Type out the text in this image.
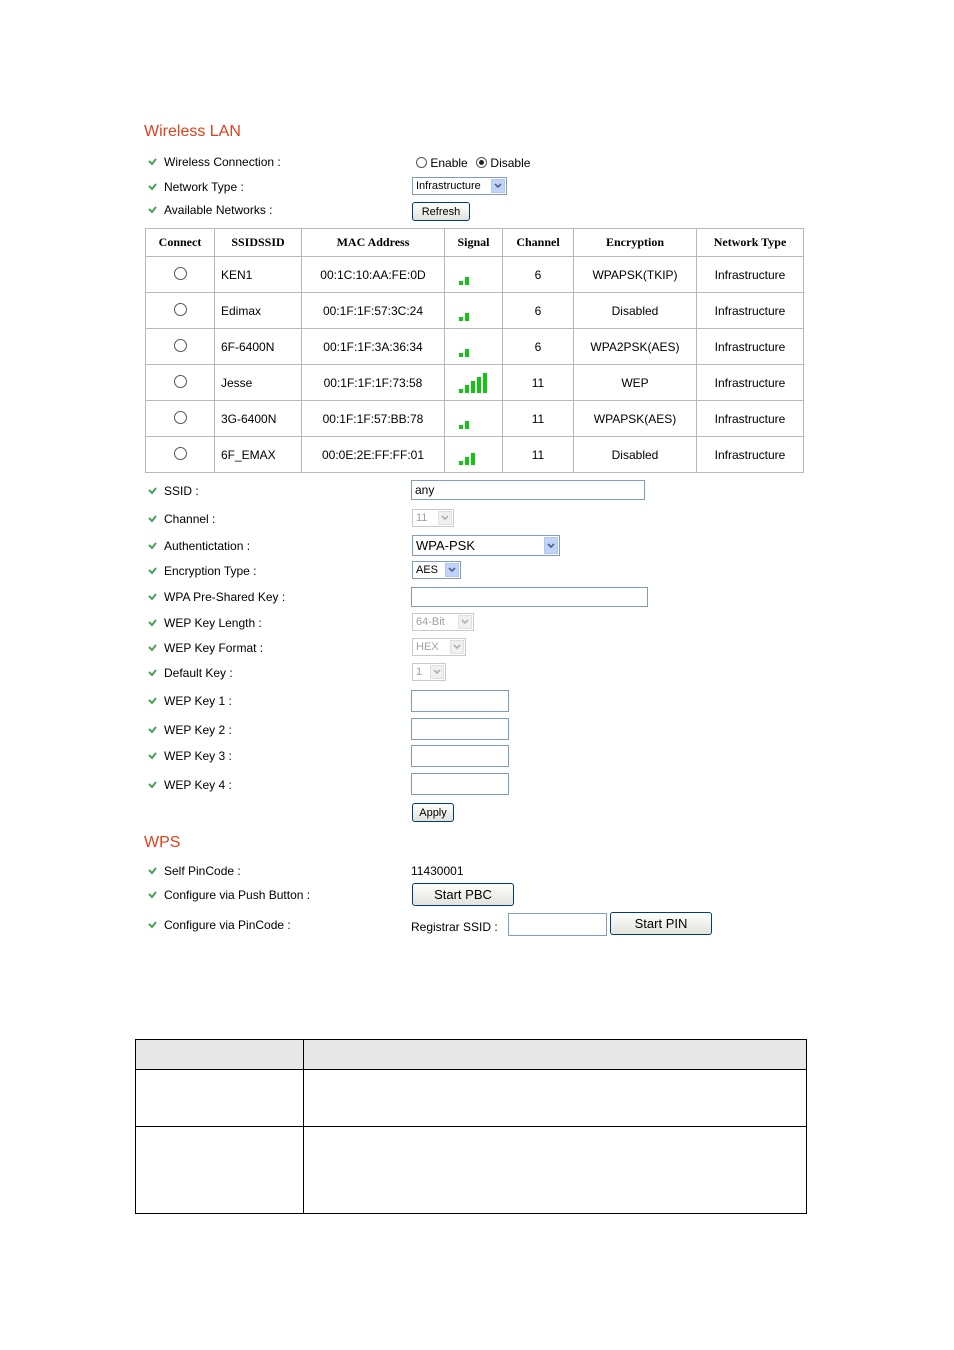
Wireless LAN
Wireless Connection :	Enable Disable
Network Type :	Infrastructure
Available Networks :	Refresh
Connect	SSIDSSID	MAC Address	Signal	Channel	Encryption	Network Type
	KEN1	00:1C:10:AA:FE:0D		6	WPAPSK(TKIP)	Infrastructure
	Edimax	00:1F:1F:57:3C:24		6	Disabled	Infrastructure
	6F-6400N	00:1F:1F:3A:36:34		6	WPA2PSK(AES)	Infrastructure
	Jesse	00:1F:1F:1F:73:58		11	WEP	Infrastructure
	3G-6400N	00:1F:1F:57:BB:78		11	WPAPSK(AES)	Infrastructure
	6F_EMAX	00:0E:2E:FF:FF:01		11	Disabled	Infrastructure
SSID :	any
Channel :	11
Authentictation :	WPA-PSK
Encryption Type :	AES
WPA Pre-Shared Key :
WEP Key Length :	64-Bit
WEP Key Format :	HEX
Default Key :	1
WEP Key 1 :
WEP Key 2 :
WEP Key 3 :
WEP Key 4 :
Apply
WPS
Self PinCode :	11430001
Configure via Push Button :	Start PBC
Configure via PinCode :	Registrar SSID :	Start PIN
